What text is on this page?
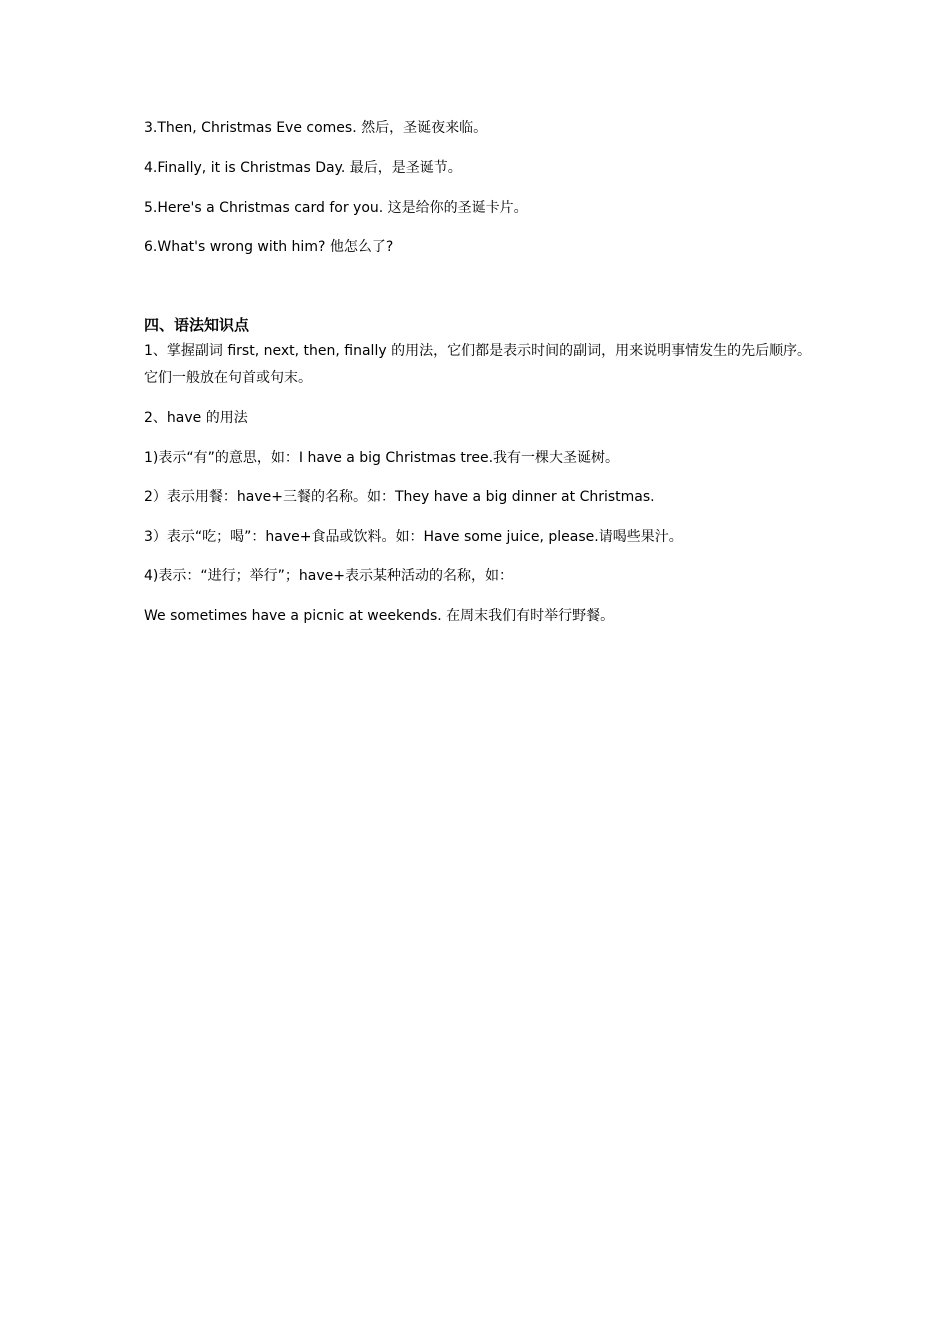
3.Then, Christmas Eve comes. 然后，圣诞夜来临。
4.Finally, it is Christmas Day. 最后，是圣诞节。
5.Here's a Christmas card for you. 这是给你的圣诞卡片。
6.What's wrong with him? 他怎么了?
四、语法知识点
1、掌握副词 first, next, then, finally 的用法，它们都是表示时间的副词，用来说明事情发生的先后顺序。它们一般放在句首或句末。
2、have 的用法
1)表示“有”的意思，如：I have a big Christmas tree.我有一棵大圣诞树。
2）表示用餐：have+三餐的名称。如：They have a big dinner at Christmas.
3）表示“吃；喝”：have+食品或饮料。如：Have some juice, please.请喝些果汁。
4)表示：“进行；举行”；have+表示某种活动的名称，如：
We sometimes have a picnic at weekends. 在周末我们有时举行野餐。
